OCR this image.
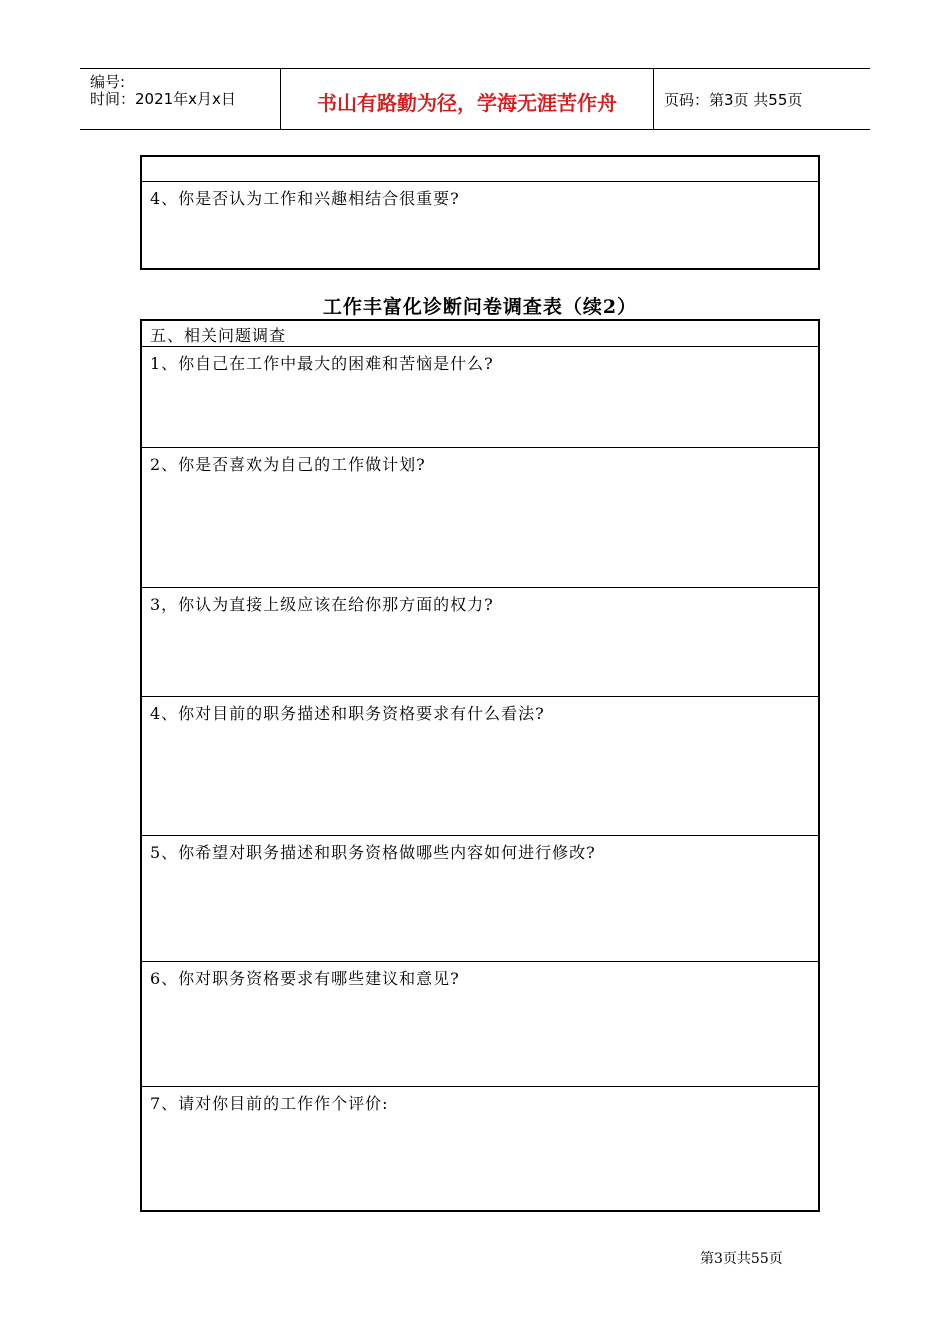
编号:
时间：2021年x月x日	书山有路勤为径，学海无涯苦作舟	页码：第3页 共55页
4、你是否认为工作和兴趣相结合很重要?
工作丰富化诊断问卷调查表（续2）
五、相关问题调查
1、你自己在工作中最大的困难和苦恼是什么?
2、你是否喜欢为自己的工作做计划?
3，你认为直接上级应该在给你那方面的权力?
4、你对目前的职务描述和职务资格要求有什么看法?
5、你希望对职务描述和职务资格做哪些内容如何进行修改?
6、你对职务资格要求有哪些建议和意见?
7、请对你目前的工作作个评价:
第3页共55页
